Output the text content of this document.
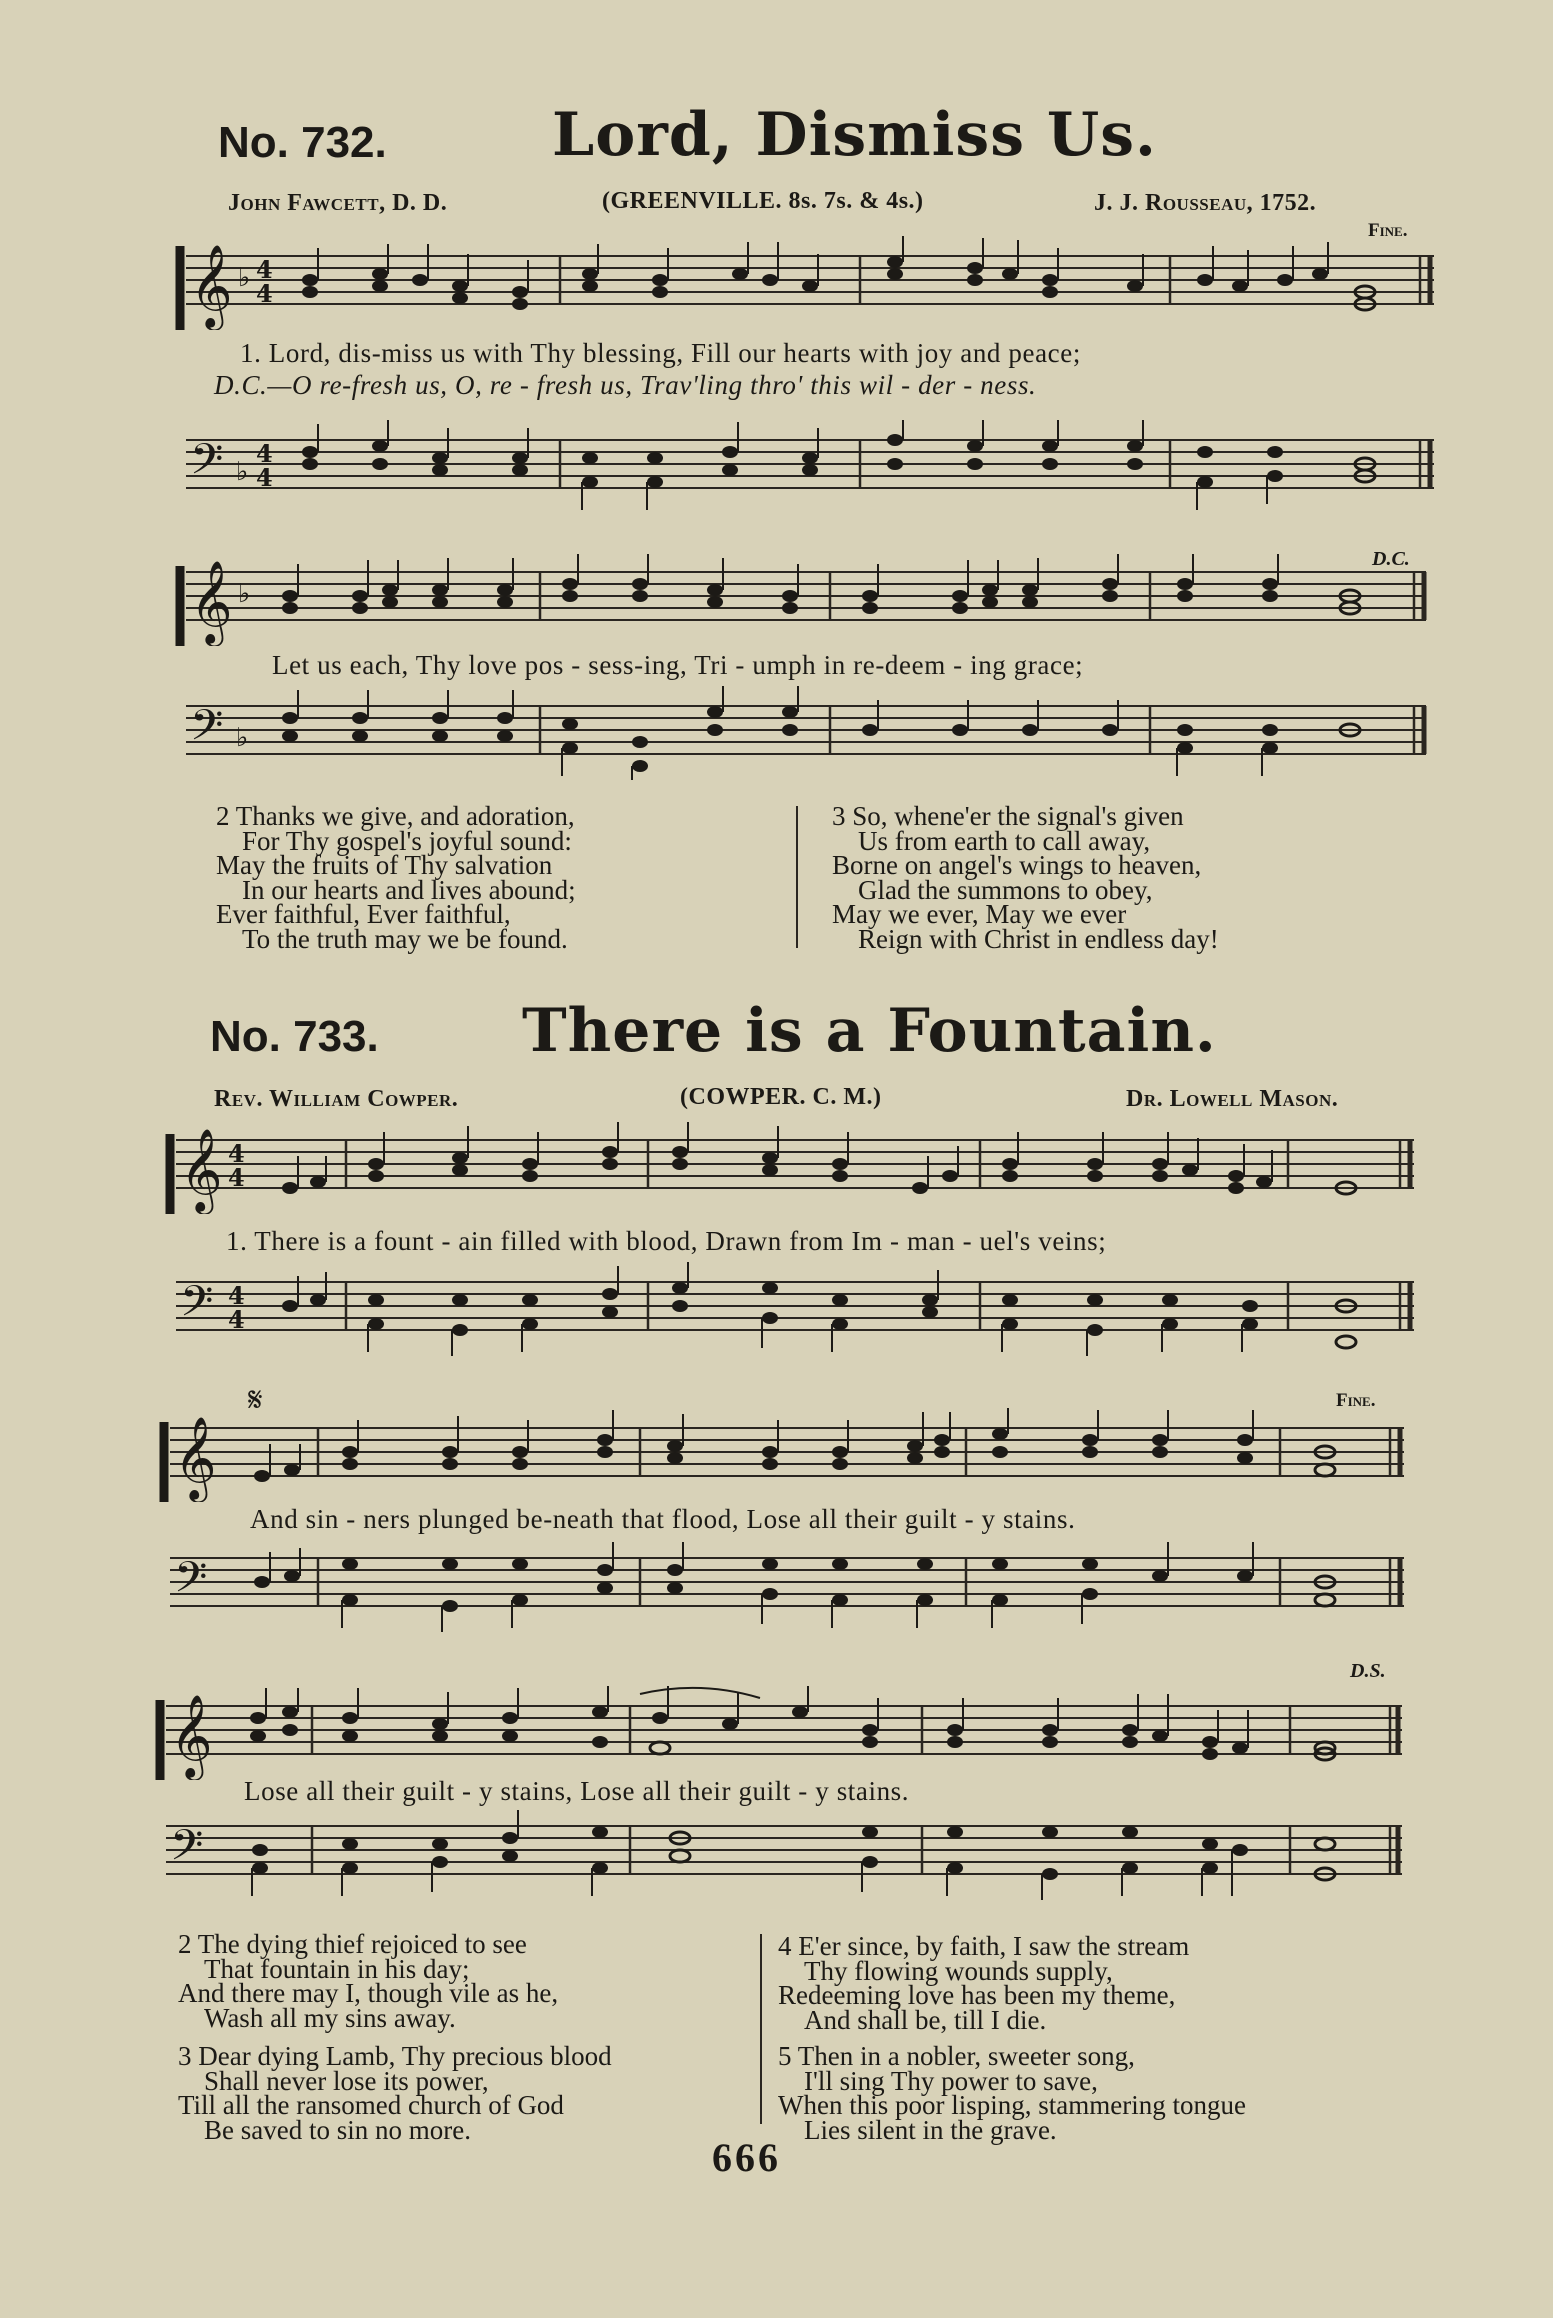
No. 732.	Lord, Dismiss Us.
John Fawcett, D. D.	(GREENVILLE. 8s. 7s. & 4s.)	J. J. Rousseau, 1752.
Fine.
𝄞 ♭ 4
4
1. Lord, dis-miss us with Thy blessing, Fill our hearts with joy and peace;
D.C.—O re-fresh us, O, re - fresh us, Trav'ling thro' this wil - der - ness.
𝄢 ♭
4
4
D.C.
𝄞 ♭
Let us each, Thy love pos - sess-ing, Tri - umph in re-deem - ing grace;
𝄢 ♭
2 Thanks we give, and adoration,
For Thy gospel's joyful sound:
May the fruits of Thy salvation
In our hearts and lives abound;
Ever faithful, Ever faithful,
To the truth may we be found.
3 So, whene'er the signal's given
Us from earth to call away,
Borne on angel's wings to heaven,
Glad the summons to obey,
May we ever, May we ever
Reign with Christ in endless day!
No. 733. There is a Fountain.
Rev. William Cowper.	(COWPER. C. M.)	Dr. Lowell Mason.
𝄞 4
4
1. There is a fount - ain filled with blood, Drawn from Im - man - uel's veins;
𝄢 4
4
𝄋	Fine.
𝄞
And sin - ners plunged be-neath that flood, Lose all their guilt - y stains.
𝄢
D.S.
𝄞
Lose all their guilt - y stains, Lose all their guilt - y stains.
𝄢
2 The dying thief rejoiced to see
That fountain in his day;
And there may I, though vile as he,
Wash all my sins away.
3 Dear dying Lamb, Thy precious blood
Shall never lose its power,
Till all the ransomed church of God
Be saved to sin no more.
4 E'er since, by faith, I saw the stream
Thy flowing wounds supply,
Redeeming love has been my theme,
And shall be, till I die.
5 Then in a nobler, sweeter song,
I'll sing Thy power to save,
When this poor lisping, stammering tongue
Lies silent in the grave.
666
